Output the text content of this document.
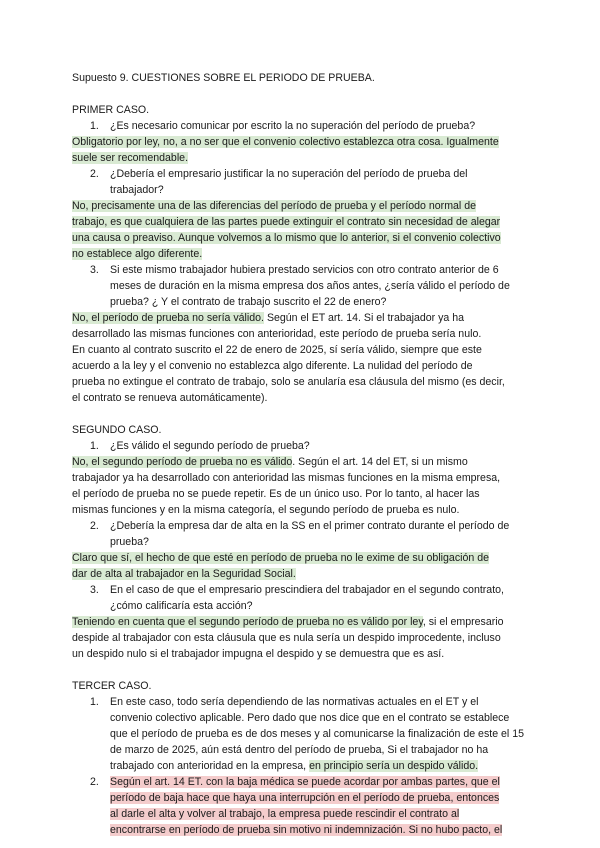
Supuesto 9. CUESTIONES SOBRE EL PERIODO DE PRUEBA.
PRIMER CASO.
1. ¿Es necesario comunicar por escrito la no superación del período de prueba?
Obligatorio por ley, no, a no ser que el convenio colectivo establezca otra cosa. Igualmente
suele ser recomendable.
2. ¿Debería el empresario justificar la no superación del período de prueba del
trabajador?
No, precisamente una de las diferencias del período de prueba y el período normal de
trabajo, es que cualquiera de las partes puede extinguir el contrato sin necesidad de alegar
una causa o preaviso. Aunque volvemos a lo mismo que lo anterior, si el convenio colectivo
no establece algo diferente.
3. Si este mismo trabajador hubiera prestado servicios con otro contrato anterior de 6
meses de duración en la misma empresa dos años antes, ¿sería válido el período de
prueba? ¿ Y el contrato de trabajo suscrito el 22 de enero?
No, el período de prueba no sería válido. Según el ET art. 14. Si el trabajador ya ha
desarrollado las mismas funciones con anterioridad, este período de prueba sería nulo.
En cuanto al contrato suscrito el 22 de enero de 2025, sí sería válido, siempre que este
acuerdo a la ley y el convenio no establezca algo diferente. La nulidad del período de
prueba no extingue el contrato de trabajo, solo se anularía esa cláusula del mismo (es decir,
el contrato se renueva automáticamente).
SEGUNDO CASO.
1. ¿Es válido el segundo período de prueba?
No, el segundo período de prueba no es válido. Según el art. 14 del ET, si un mismo
trabajador ya ha desarrollado con anterioridad las mismas funciones en la misma empresa,
el período de prueba no se puede repetir. Es de un único uso. Por lo tanto, al hacer las
mismas funciones y en la misma categoría, el segundo período de prueba es nulo.
2. ¿Debería la empresa dar de alta en la SS en el primer contrato durante el período de
prueba?
Claro que sí, el hecho de que esté en período de prueba no le exime de su obligación de
dar de alta al trabajador en la Seguridad Social.
3. En el caso de que el empresario prescindiera del trabajador en el segundo contrato,
¿cómo calificaría esta acción?
Teniendo en cuenta que el segundo período de prueba no es válido por ley, si el empresario
despide al trabajador con esta cláusula que es nula sería un despido improcedente, incluso
un despido nulo si el trabajador impugna el despido y se demuestra que es así.
TERCER CASO.
1. En este caso, todo sería dependiendo de las normativas actuales en el ET y el
convenio colectivo aplicable. Pero dado que nos dice que en el contrato se establece
que el período de prueba es de dos meses y al comunicarse la finalización de este el 15
de marzo de 2025, aún está dentro del período de prueba, Si el trabajador no ha
trabajado con anterioridad en la empresa, en principio sería un despido válido.
2. Según el art. 14 ET. con la baja médica se puede acordar por ambas partes, que el
período de baja hace que haya una interrupción en el período de prueba, entonces
al darle el alta y volver al trabajo, la empresa puede rescindir el contrato al
encontrarse en período de prueba sin motivo ni indemnización. Si no hubo pacto, el
